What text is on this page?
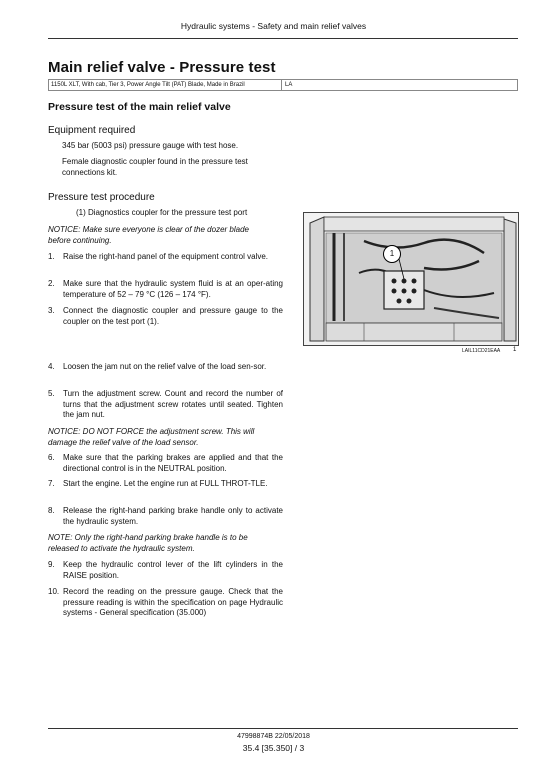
Hydraulic systems - Safety and main relief valves
Main relief valve - Pressure test
1150L XLT, With cab, Tier 3, Power Angle Tilt (PAT) Blade, Made in Brazil	LA
Pressure test of the main relief valve
Equipment required
345 bar (5003 psi) pressure gauge with test hose.
Female diagnostic coupler found in the pressure test
connections kit.
Pressure test procedure
(1) Diagnostics coupler for the pressure test port
NOTICE: Make sure everyone is clear of the dozer blade
before continuing.
1. Raise the right-hand panel of the equipment control valve.
2. Make sure that the hydraulic system fluid is at an oper-ating temperature of 52 – 79 °C (126 – 174 °F).
3. Connect the diagnostic coupler and pressure gauge to the coupler on the test port (1).
1
LAIL11CD21EAA 1
4. Loosen the jam nut on the relief valve of the load sen-sor.
5. Turn the adjustment screw. Count and record the number of turns that the adjustment screw rotates until seated. Tighten the jam nut.
NOTICE: DO NOT FORCE the adjustment screw. This will
damage the relief valve of the load sensor.
6. Make sure that the parking brakes are applied and that the directional control is in the NEUTRAL position.
7. Start the engine. Let the engine run at FULL THROT-TLE.
8. Release the right-hand parking brake handle only to activate the hydraulic system.
NOTE: Only the right-hand parking brake handle is to be
released to activate the hydraulic system.
9. Keep the hydraulic control lever of the lift cylinders in the RAISE position.
10. Record the reading on the pressure gauge. Check that the pressure reading is within the specification on page Hydraulic systems - General specification (35.000)
47998874B 22/05/2018
35.4 [35.350] / 3
